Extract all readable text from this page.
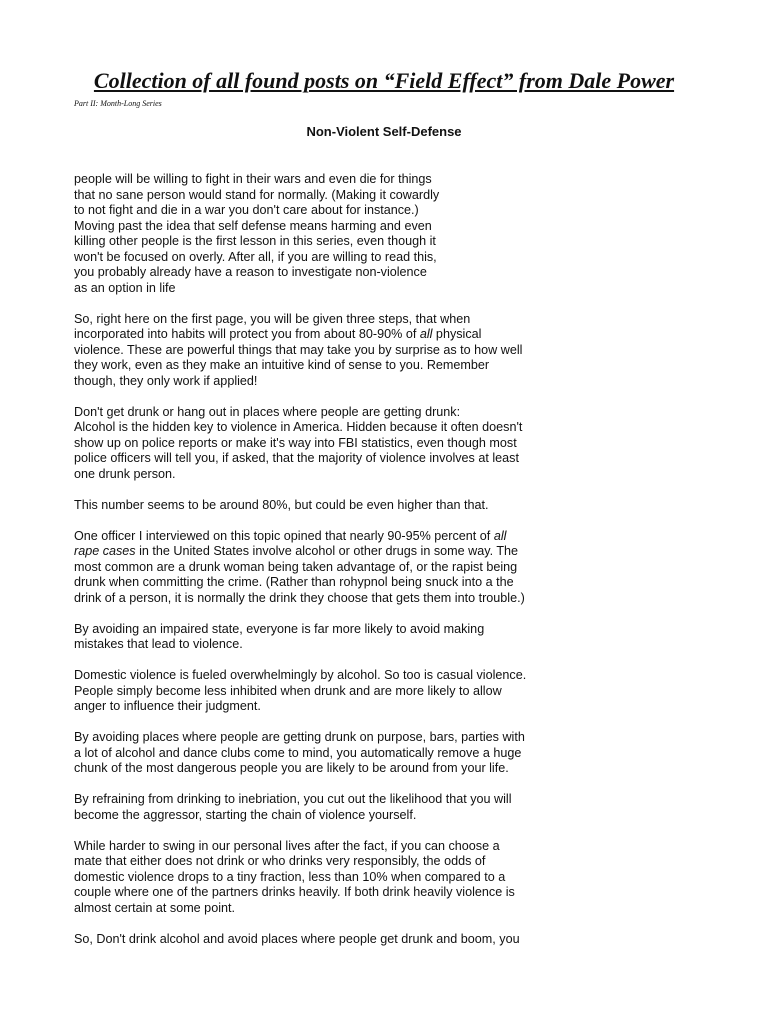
Collection of all found posts on “Field Effect” from Dale Power

Part II: Month-Long Series

Non-Violent Self-Defense

people will be willing to fight in their wars and even die for things
that no sane person would stand for normally. (Making it cowardly
to not fight and die in a war you don't care about for instance.)
Moving past the idea that self defense means harming and even
killing other people is the first lesson in this series, even though it
won't be focused on overly. After all, if you are willing to read this,
you probably already have a reason to investigate non-violence
as an option in life

So, right here on the first page, you will be given three steps, that when
incorporated into habits will protect you from about 80-90% of all physical
violence. These are powerful things that may take you by surprise as to how well
they work, even as they make an intuitive kind of sense to you. Remember
though, they only work if applied!

Don't get drunk or hang out in places where people are getting drunk:
Alcohol is the hidden key to violence in America. Hidden because it often doesn't
show up on police reports or make it's way into FBI statistics, even though most
police officers will tell you, if asked, that the majority of violence involves at least
one drunk person.

This number seems to be around 80%, but could be even higher than that.

One officer I interviewed on this topic opined that nearly 90-95% percent of all
rape cases in the United States involve alcohol or other drugs in some way. The
most common are a drunk woman being taken advantage of, or the rapist being
drunk when committing the crime. (Rather than rohypnol being snuck into a the
drink of a person, it is normally the drink they choose that gets them into trouble.)

By avoiding an impaired state, everyone is far more likely to avoid making
mistakes that lead to violence.

Domestic violence is fueled overwhelmingly by alcohol. So too is casual violence.
People simply become less inhibited when drunk and are more likely to allow
anger to influence their judgment.

By avoiding places where people are getting drunk on purpose, bars, parties with
a lot of alcohol and dance clubs come to mind, you automatically remove a huge
chunk of the most dangerous people you are likely to be around from your life.

By refraining from drinking to inebriation, you cut out the likelihood that you will
become the aggressor, starting the chain of violence yourself.

While harder to swing in our personal lives after the fact, if you can choose a
mate that either does not drink or who drinks very responsibly, the odds of
domestic violence drops to a tiny fraction, less than 10% when compared to a
couple where one of the partners drinks heavily. If both drink heavily violence is
almost certain at some point.

So, Don't drink alcohol and avoid places where people get drunk and boom, you
